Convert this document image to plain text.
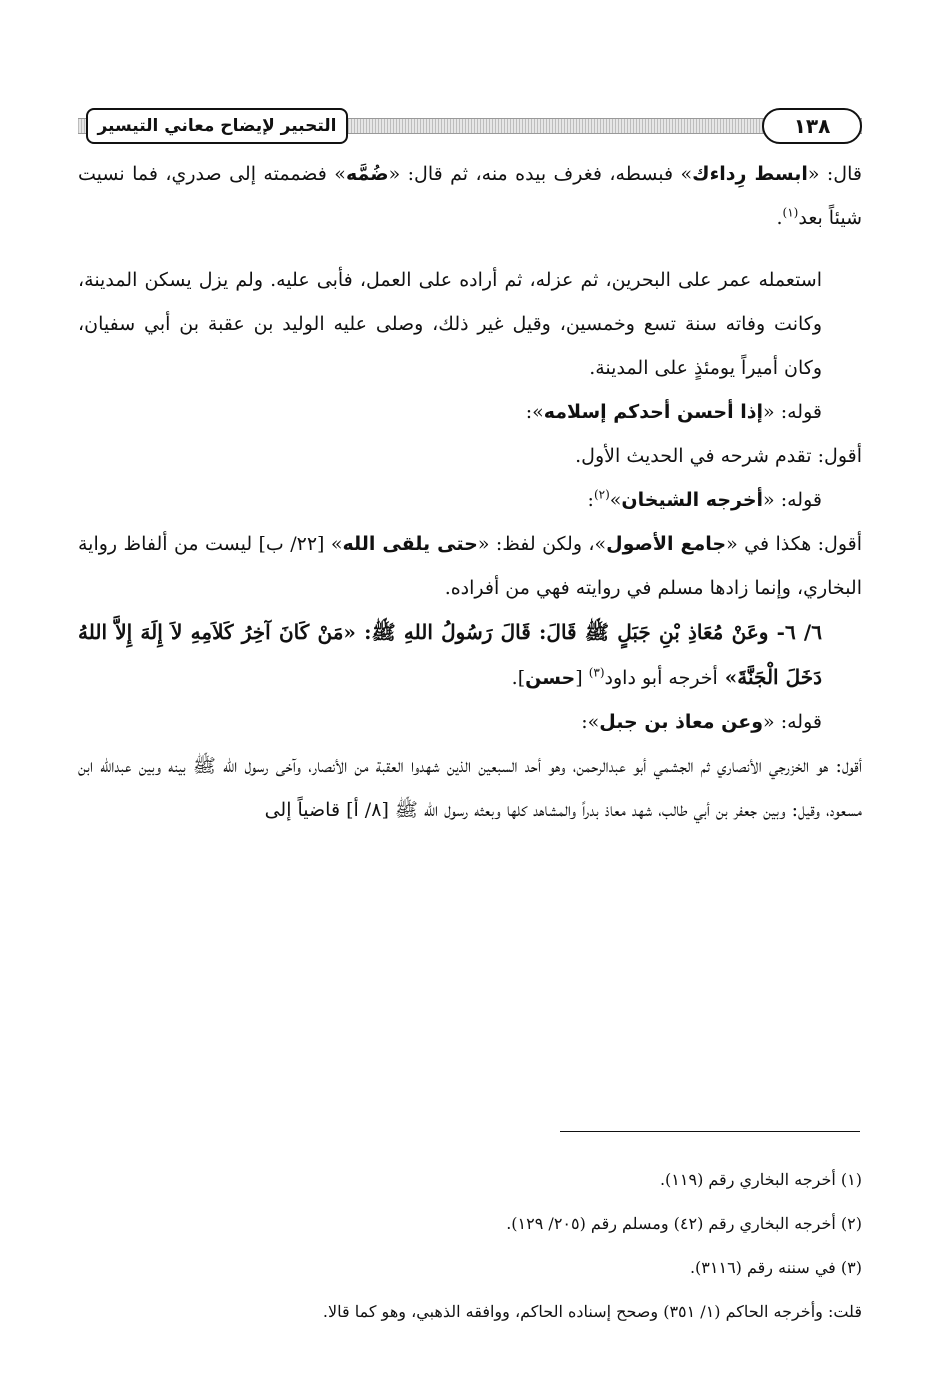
التحبير لإيضاح معاني التيسير	١٣٨

قال: «ابسط رِداءك» فبسطه، فغرف بيده منه، ثم قال: «ضُمَّه» فضممته إلى صدري، فما نسيت شيئاً بعد$^{(١)}$.

استعمله عمر على البحرين، ثم عزله، ثم أراده على العمل، فأبى عليه. ولم يزل يسكن المدينة، وكانت وفاته سنة تسع وخمسين، وقيل غير ذلك، وصلى عليه الوليد بن عقبة بن أبي سفيان، وكان أميراً يومئذٍ على المدينة.

قوله: «إذا أحسن أحدكم إسلامه»:

أقول: تقدم شرحه في الحديث الأول.

قوله: «أخرجه الشيخان»$^{(٢)}$:

أقول: هكذا في «جامع الأصول»، ولكن لفظ: «حتى يلقى الله» [٢٢/ ب] ليست من ألفاظ رواية البخاري، وإنما زادها مسلم في روايته فهي من أفراده.

٦/ ٦- وعَنْ مُعَاذِ بْنِ جَبَلٍ ﷺ قَالَ: قَالَ رَسُولُ اللهِ ﷺ: «مَنْ كَانَ آخِرُ كَلاَمِهِ لاَ إِلَهَ إِلاَّ اللهُ دَخَلَ الْجَنَّةَ» أخرجه أبو داود$^{(٣)}$ [حسن].

قوله: «وعن معاذ بن جبل»:

أقول: هو الخزرجي الأنصاري ثم الجشمي أبو عبدالرحمن، وهو أحد السبعين الذين شهدوا العقبة من الأنصار، وآخى رسول الله ﷺ بينه وبين عبدالله ابن مسعود، وقيل: وبين جعفر بن أبي طالب، شهد معاذ بدراً والمشاهد كلها وبعثه رسول الله ﷺ [٨/ أ] قاضياً إلى

(١) أخرجه البخاري رقم (١١٩).

(٢) أخرجه البخاري رقم (٤٢) ومسلم رقم (٢٠٥/ ١٢٩).

(٣) في سننه رقم (٣١١٦).

قلت: وأخرجه الحاكم (١/ ٣٥١) وصحح إسناده الحاكم، ووافقه الذهبي، وهو كما قالا.
